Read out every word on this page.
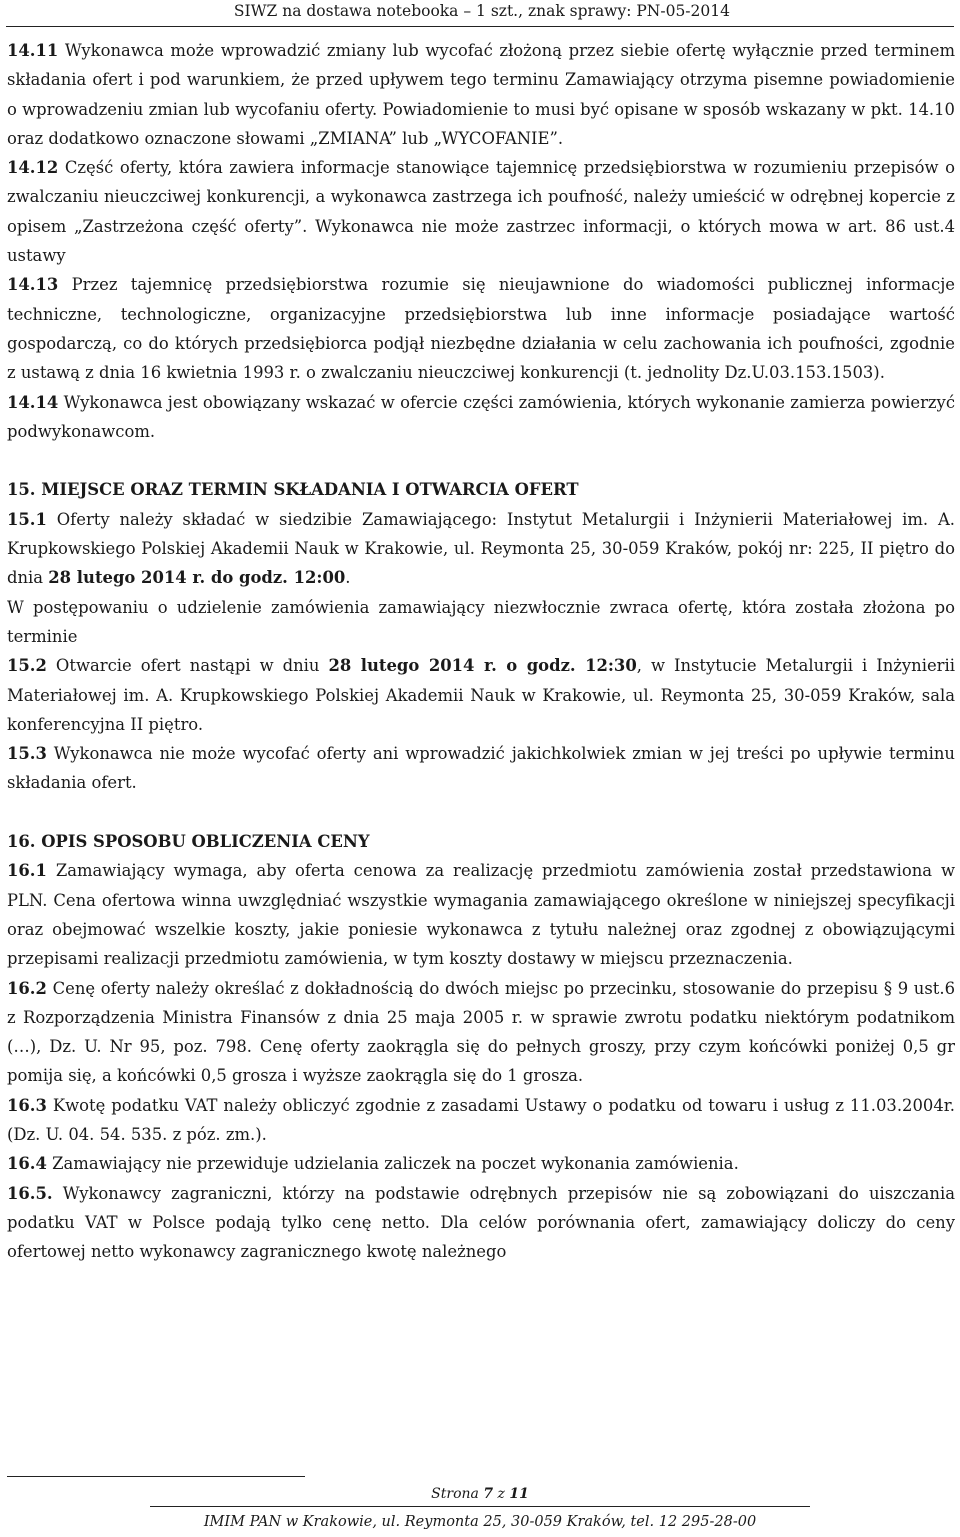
SIWZ na dostawa notebooka – 1 szt., znak sprawy: PN-05-2014

14.11 Wykonawca może wprowadzić zmiany lub wycofać złożoną przez siebie ofertę wyłącznie przed terminem składania ofert i pod warunkiem, że przed upływem tego terminu Zamawiający otrzyma pisemne powiadomienie o wprowadzeniu zmian lub wycofaniu oferty. Powiadomienie to musi być opisane w sposób wskazany w pkt. 14.10 oraz dodatkowo oznaczone słowami „ZMIANA” lub „WYCOFANIE”.

14.12 Część oferty, która zawiera informacje stanowiące tajemnicę przedsiębiorstwa w rozumieniu przepisów o zwalczaniu nieuczciwej konkurencji, a wykonawca zastrzega ich poufność, należy umieścić w odrębnej kopercie z opisem „Zastrzeżona część oferty”. Wykonawca nie może zastrzec informacji, o których mowa w art. 86 ust.4 ustawy

14.13 Przez tajemnicę przedsiębiorstwa rozumie się nieujawnione do wiadomości publicznej informacje techniczne, technologiczne, organizacyjne przedsiębiorstwa lub inne informacje posiadające wartość gospodarczą, co do których przedsiębiorca podjął niezbędne działania w celu zachowania ich poufności, zgodnie z ustawą z dnia 16 kwietnia 1993 r. o zwalczaniu nieuczciwej konkurencji (t. jednolity Dz.U.03.153.1503).

14.14 Wykonawca jest obowiązany wskazać w ofercie części zamówienia, których wykonanie zamierza powierzyć podwykonawcom.

15. MIEJSCE ORAZ TERMIN SKŁADANIA I OTWARCIA OFERT

15.1 Oferty należy składać w siedzibie Zamawiającego: Instytut Metalurgii i Inżynierii Materiałowej im. A. Krupkowskiego Polskiej Akademii Nauk w Krakowie, ul. Reymonta 25, 30-059 Kraków, pokój nr: 225, II piętro do dnia 28 lutego 2014 r. do godz. 12:00.

W postępowaniu o udzielenie zamówienia zamawiający niezwłocznie zwraca ofertę, która została złożona po terminie

15.2 Otwarcie ofert nastąpi w dniu 28 lutego 2014 r. o godz. 12:30, w Instytucie Metalurgii i Inżynierii Materiałowej im. A. Krupkowskiego Polskiej Akademii Nauk w Krakowie, ul. Reymonta 25, 30-059 Kraków, sala konferencyjna II piętro.

15.3 Wykonawca nie może wycofać oferty ani wprowadzić jakichkolwiek zmian w jej treści po upływie terminu składania ofert.

16. OPIS SPOSOBU OBLICZENIA CENY

16.1 Zamawiający wymaga, aby oferta cenowa za realizację przedmiotu zamówienia został przedstawiona w PLN. Cena ofertowa winna uwzględniać wszystkie wymagania zamawiającego określone w niniejszej specyfikacji oraz obejmować wszelkie koszty, jakie poniesie wykonawca z tytułu należnej oraz zgodnej z obowiązującymi przepisami realizacji przedmiotu zamówienia, w tym koszty dostawy w miejscu przeznaczenia.

16.2 Cenę oferty należy określać z dokładnością do dwóch miejsc po przecinku, stosowanie do przepisu § 9 ust.6 z Rozporządzenia Ministra Finansów z dnia 25 maja 2005 r. w sprawie zwrotu podatku niektórym podatnikom (…), Dz. U. Nr 95, poz. 798. Cenę oferty zaokrągla się do pełnych groszy, przy czym końcówki poniżej 0,5 gr pomija się, a końcówki 0,5 grosza i wyższe zaokrągla się do 1 grosza.

16.3 Kwotę podatku VAT należy obliczyć zgodnie z zasadami Ustawy o podatku od towaru i usług z 11.03.2004r. (Dz. U. 04. 54. 535. z póz. zm.).

16.4 Zamawiający nie przewiduje udzielania zaliczek na poczet wykonania zamówienia.

16.5. Wykonawcy zagraniczni, którzy na podstawie odrębnych przepisów nie są zobowiązani do uiszczania podatku VAT w Polsce podają tylko cenę netto. Dla celów porównania ofert, zamawiający doliczy do ceny ofertowej netto wykonawcy zagranicznego kwotę należnego

Strona 7 z 11
IMIM PAN w Krakowie, ul. Reymonta 25, 30-059 Kraków, tel. 12 295-28-00
